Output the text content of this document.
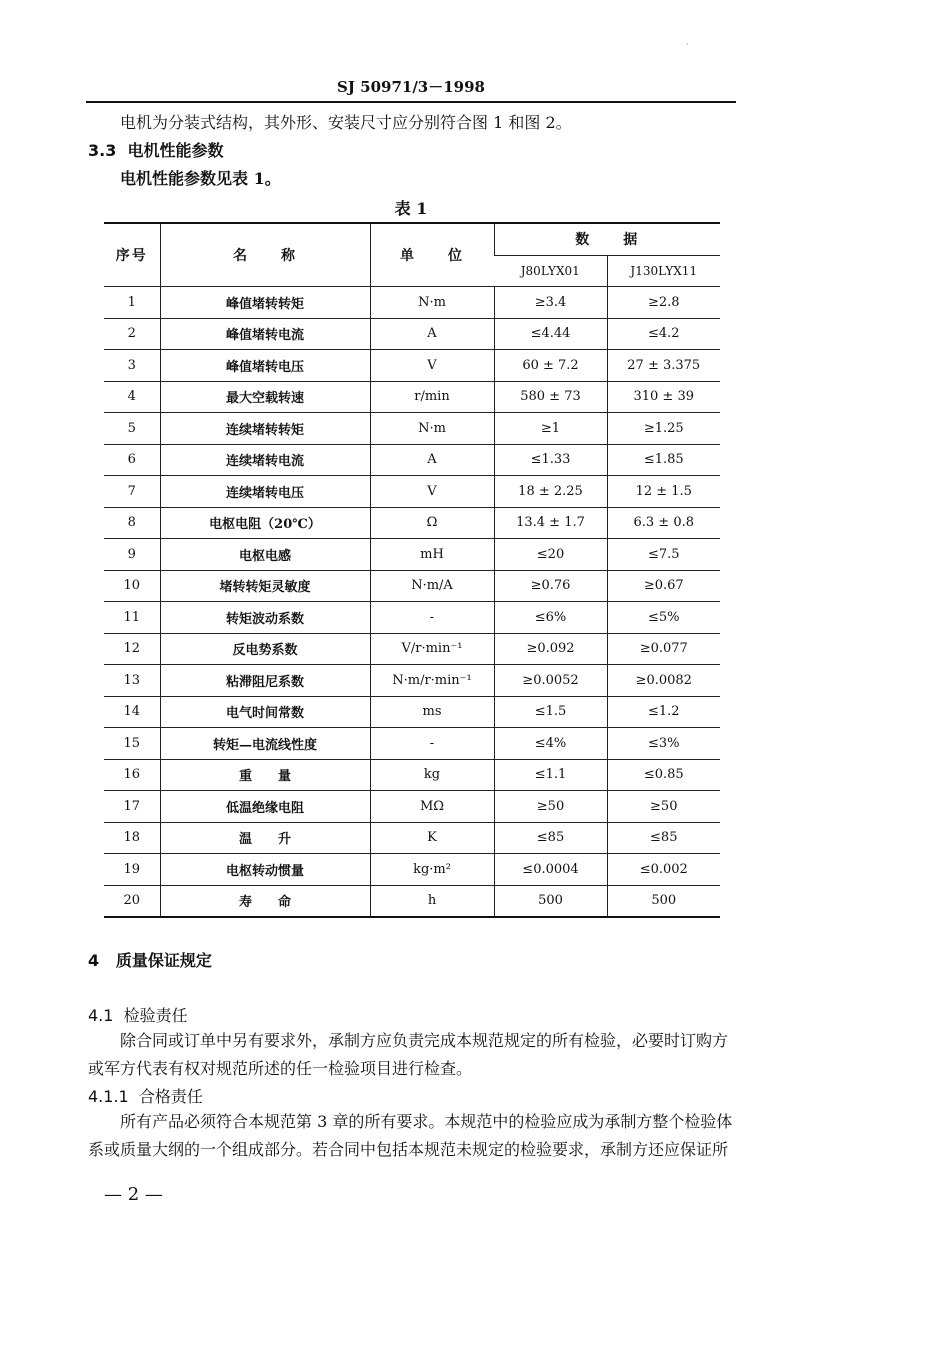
·
SJ 50971/3－1998
电机为分装式结构，其外形、安装尺寸应分别符合图 1 和图 2。
3.3 电机性能参数
电机性能参数见表 1。
表 1
序号	名　　称	单　　位	数　　据	
			J80LYX01	J130LYX11
1	峰值堵转转矩	N·m	≥3.4	≥2.8
2	峰值堵转电流	A	≤4.44	≤4.2
3	峰值堵转电压	V	60 ± 7.2	27 ± 3.375
4	最大空载转速	r/min	580 ± 73	310 ± 39
5	连续堵转转矩	N·m	≥1	≥1.25
6	连续堵转电流	A	≤1.33	≤1.85
7	连续堵转电压	V	18 ± 2.25	12 ± 1.5
8	电枢电阻（20℃）	Ω	13.4 ± 1.7	6.3 ± 0.8
9	电枢电感	mH	≤20	≤7.5
10	堵转转矩灵敏度	N·m/A	≥0.76	≥0.67
11	转矩波动系数	-	≤6%	≤5%
12	反电势系数	V/r·min⁻¹	≥0.092	≥0.077
13	粘滞阻尼系数	N·m/r·min⁻¹	≥0.0052	≥0.0082
14	电气时间常数	ms	≤1.5	≤1.2
15	转矩—电流线性度	-	≤4%	≤3%
16	重　　量	kg	≤1.1	≤0.85
17	低温绝缘电阻	MΩ	≥50	≥50
18	温　　升	K	≤85	≤85
19	电枢转动惯量	kg·m²	≤0.0004	≤0.002
20	寿　　命	h	500	500
4 质量保证规定
4.1 检验责任
除合同或订单中另有要求外，承制方应负责完成本规范规定的所有检验，必要时订购方
或军方代表有权对规范所述的任一检验项目进行检查。
4.1.1 合格责任
所有产品必须符合本规范第 3 章的所有要求。本规范中的检验应成为承制方整个检验体
系或质量大纲的一个组成部分。若合同中包括本规范未规定的检验要求，承制方还应保证所
— 2 —
